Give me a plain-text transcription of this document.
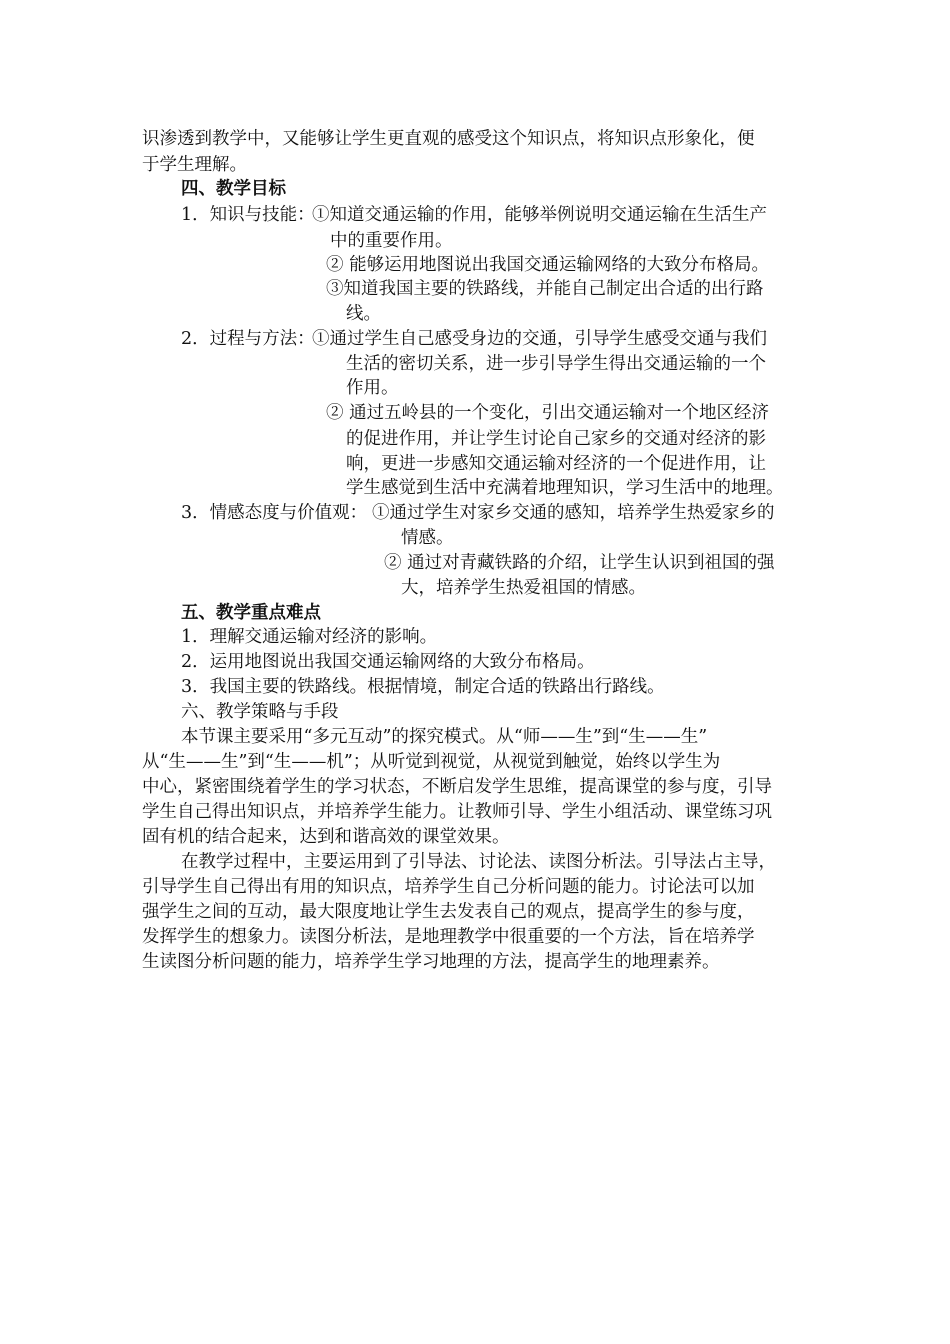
识渗透到教学中，又能够让学生更直观的感受这个知识点，将知识点形象化，便
于学生理解。
四、教学目标
1．知识与技能：
①知道交通运输的作用，能够举例说明交通运输在生活生产
中的重要作用。
② 能够运用地图说出我国交通运输网络的大致分布格局。
③知道我国主要的铁路线，并能自己制定出合适的出行路
线。
2．过程与方法：
①通过学生自己感受身边的交通，引导学生感受交通与我们
生活的密切关系，进一步引导学生得出交通运输的一个
作用。
② 通过五岭县的一个变化，引出交通运输对一个地区经济
的促进作用，并让学生讨论自己家乡的交通对经济的影
响，更进一步感知交通运输对经济的一个促进作用，让
学生感觉到生活中充满着地理知识，学习生活中的地理。
3．情感态度与价值观： ①通过学生对家乡交通的感知，培养学生热爱家乡的
情感。
② 通过对青藏铁路的介绍，让学生认识到祖国的强
大，培养学生热爱祖国的情感。
五、教学重点难点
1．理解交通运输对经济的影响。
2．运用地图说出我国交通运输网络的大致分布格局。
3．我国主要的铁路线。根据情境，制定合适的铁路出行路线。
六、教学策略与手段
本节课主要采用“多元互动”的探究模式。从“师——生”到“生——生”
从“生——生”到“生——机”；从听觉到视觉，从视觉到触觉，始终以学生为
中心，紧密围绕着学生的学习状态，不断启发学生思维，提高课堂的参与度，引导
学生自己得出知识点，并培养学生能力。让教师引导、学生小组活动、课堂练习巩
固有机的结合起来，达到和谐高效的课堂效果。
在教学过程中，主要运用到了引导法、讨论法、读图分析法。引导法占主导，
引导学生自己得出有用的知识点，培养学生自己分析问题的能力。讨论法可以加
强学生之间的互动，最大限度地让学生去发表自己的观点，提高学生的参与度，
发挥学生的想象力。读图分析法，是地理教学中很重要的一个方法，旨在培养学
生读图分析问题的能力，培养学生学习地理的方法，提高学生的地理素养。
